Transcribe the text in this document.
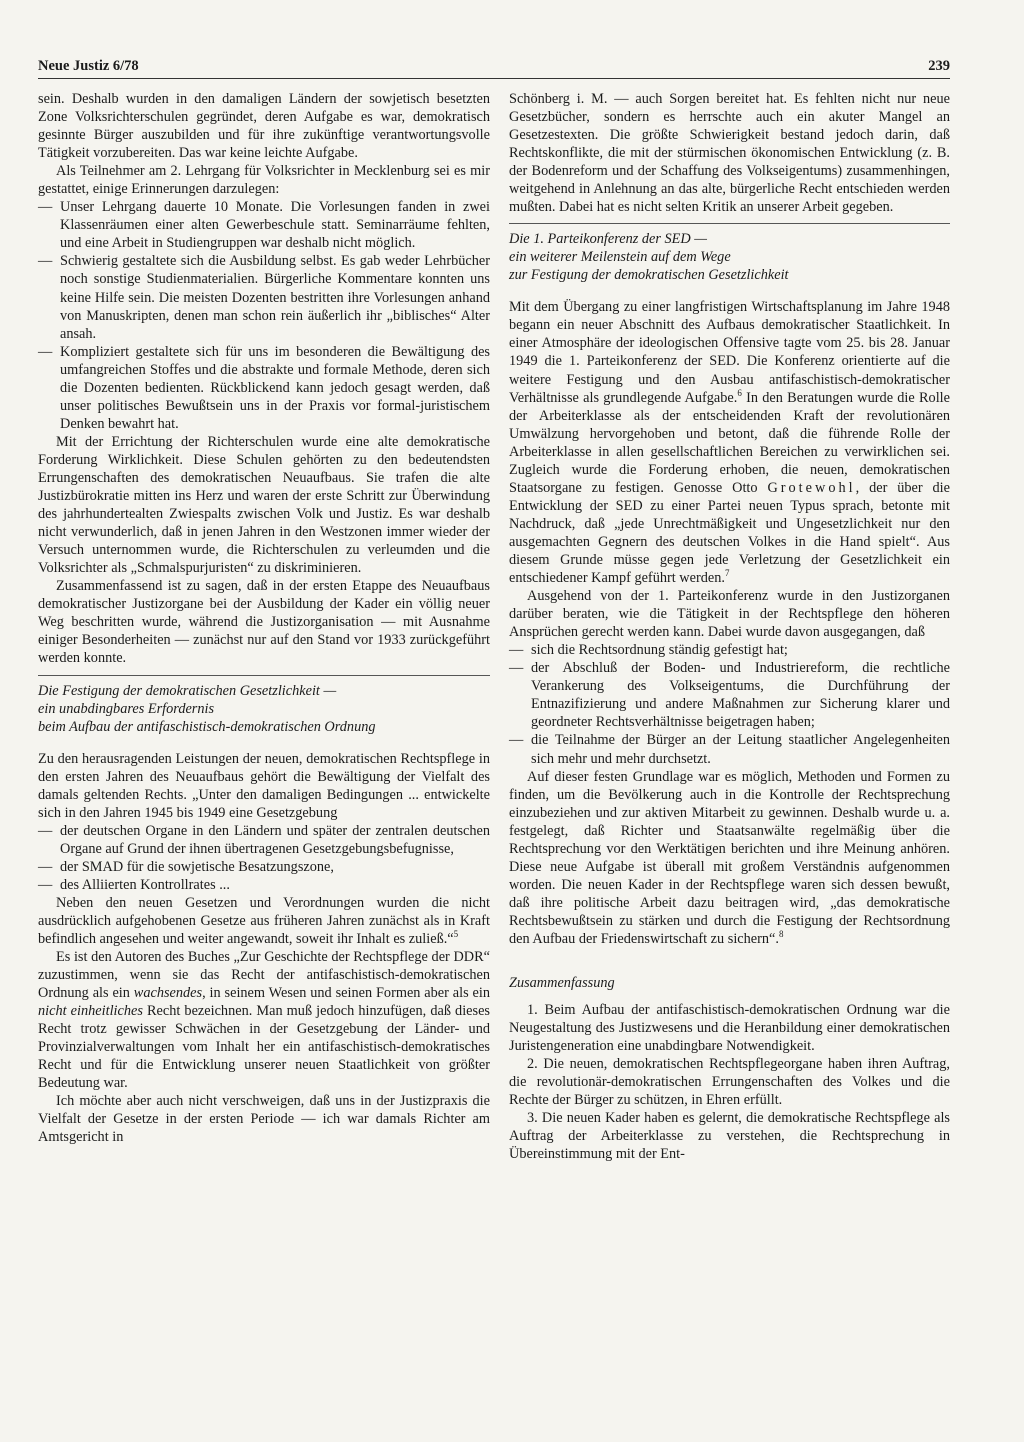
Neue Justiz 6/78	239

sein. Deshalb wurden in den damaligen Ländern der sowjetisch besetzten Zone Volksrichterschulen gegründet, deren Aufgabe es war, demokratisch gesinnte Bürger auszubilden und für ihre zukünftige verantwortungsvolle Tätigkeit vorzubereiten. Das war keine leichte Aufgabe.

Als Teilnehmer am 2. Lehrgang für Volksrichter in Mecklenburg sei es mir gestattet, einige Erinnerungen darzulegen:

— Unser Lehrgang dauerte 10 Monate. Die Vorlesungen fanden in zwei Klassenräumen einer alten Gewerbeschule statt. Seminarräume fehlten, und eine Arbeit in Studiengruppen war deshalb nicht möglich.
— Schwierig gestaltete sich die Ausbildung selbst. Es gab weder Lehrbücher noch sonstige Studienmaterialien. Bürgerliche Kommentare konnten uns keine Hilfe sein. Die meisten Dozenten bestritten ihre Vorlesungen anhand von Manuskripten, denen man schon rein äußerlich ihr „biblisches“ Alter ansah.
— Kompliziert gestaltete sich für uns im besonderen die Bewältigung des umfangreichen Stoffes und die abstrakte und formale Methode, deren sich die Dozenten bedienten. Rückblickend kann jedoch gesagt werden, daß unser politisches Bewußtsein uns in der Praxis vor formal-juristischem Denken bewahrt hat.

Mit der Errichtung der Richterschulen wurde eine alte demokratische Forderung Wirklichkeit. Diese Schulen gehörten zu den bedeutendsten Errungenschaften des demokratischen Neuaufbaus. Sie trafen die alte Justizbürokratie mitten ins Herz und waren der erste Schritt zur Überwindung des jahrhundertealten Zwiespalts zwischen Volk und Justiz. Es war deshalb nicht verwunderlich, daß in jenen Jahren in den Westzonen immer wieder der Versuch unternommen wurde, die Richterschulen zu verleumden und die Volksrichter als „Schmalspurjuristen“ zu diskriminieren.

Zusammenfassend ist zu sagen, daß in der ersten Etappe des Neuaufbaus demokratischer Justizorgane bei der Ausbildung der Kader ein völlig neuer Weg beschritten wurde, während die Justizorganisation — mit Ausnahme einiger Besonderheiten — zunächst nur auf den Stand vor 1933 zurückgeführt werden konnte.

Die Festigung der demokratischen Gesetzlichkeit —
ein unabdingbares Erfordernis
beim Aufbau der antifaschistisch-demokratischen Ordnung

Zu den herausragenden Leistungen der neuen, demokratischen Rechtspflege in den ersten Jahren des Neuaufbaus gehört die Bewältigung der Vielfalt des damals geltenden Rechts. „Unter den damaligen Bedingungen ... entwickelte sich in den Jahren 1945 bis 1949 eine Gesetzgebung

— der deutschen Organe in den Ländern und später der zentralen deutschen Organe auf Grund der ihnen übertragenen Gesetzgebungsbefugnisse,
— der SMAD für die sowjetische Besatzungszone,
— des Alliierten Kontrollrates ...

Neben den neuen Gesetzen und Verordnungen wurden die nicht ausdrücklich aufgehobenen Gesetze aus früheren Jahren zunächst als in Kraft befindlich angesehen und weiter angewandt, soweit ihr Inhalt es zuließ.“$^5$

Es ist den Autoren des Buches „Zur Geschichte der Rechtspflege der DDR“ zuzustimmen, wenn sie das Recht der antifaschistisch-demokratischen Ordnung als ein wachsendes, in seinem Wesen und seinen Formen aber als ein nicht einheitliches Recht bezeichnen. Man muß jedoch hinzufügen, daß dieses Recht trotz gewisser Schwächen in der Gesetzgebung der Länder- und Provinzialverwaltungen vom Inhalt her ein antifaschistisch-demokratisches Recht und für die Entwicklung unserer neuen Staatlichkeit von größter Bedeutung war.

Ich möchte aber auch nicht verschweigen, daß uns in der Justizpraxis die Vielfalt der Gesetze in der ersten Periode — ich war damals Richter am Amtsgericht in

Schönberg i. M. — auch Sorgen bereitet hat. Es fehlten nicht nur neue Gesetzbücher, sondern es herrschte auch ein akuter Mangel an Gesetzestexten. Die größte Schwierigkeit bestand jedoch darin, daß Rechtskonflikte, die mit der stürmischen ökonomischen Entwicklung (z. B. der Bodenreform und der Schaffung des Volkseigentums) zusammenhingen, weitgehend in Anlehnung an das alte, bürgerliche Recht entschieden werden mußten. Dabei hat es nicht selten Kritik an unserer Arbeit gegeben.

Die 1. Parteikonferenz der SED —
ein weiterer Meilenstein auf dem Wege
zur Festigung der demokratischen Gesetzlichkeit

Mit dem Übergang zu einer langfristigen Wirtschaftsplanung im Jahre 1948 begann ein neuer Abschnitt des Aufbaus demokratischer Staatlichkeit. In einer Atmosphäre der ideologischen Offensive tagte vom 25. bis 28. Januar 1949 die 1. Parteikonferenz der SED. Die Konferenz orientierte auf die weitere Festigung und den Ausbau antifaschistisch-demokratischer Verhältnisse als grundlegende Aufgabe.$^6$ In den Beratungen wurde die Rolle der Arbeiterklasse als der entscheidenden Kraft der revolutionären Umwälzung hervorgehoben und betont, daß die führende Rolle der Arbeiterklasse in allen gesellschaftlichen Bereichen zu verwirklichen sei. Zugleich wurde die Forderung erhoben, die neuen, demokratischen Staatsorgane zu festigen. Genosse Otto Grotewohl, der über die Entwicklung der SED zu einer Partei neuen Typus sprach, betonte mit Nachdruck, daß „jede Unrechtmäßigkeit und Ungesetzlichkeit nur den ausgemachten Gegnern des deutschen Volkes in die Hand spielt“. Aus diesem Grunde müsse gegen jede Verletzung der Gesetzlichkeit ein entschiedener Kampf geführt werden.$^7$

Ausgehend von der 1. Parteikonferenz wurde in den Justizorganen darüber beraten, wie die Tätigkeit in der Rechtspflege den höheren Ansprüchen gerecht werden kann. Dabei wurde davon ausgegangen, daß

— sich die Rechtsordnung ständig gefestigt hat;
— der Abschluß der Boden- und Industriereform, die rechtliche Verankerung des Volkseigentums, die Durchführung der Entnazifizierung und andere Maßnahmen zur Sicherung klarer und geordneter Rechtsverhältnisse beigetragen haben;
— die Teilnahme der Bürger an der Leitung staatlicher Angelegenheiten sich mehr und mehr durchsetzt.

Auf dieser festen Grundlage war es möglich, Methoden und Formen zu finden, um die Bevölkerung auch in die Kontrolle der Rechtsprechung einzubeziehen und zur aktiven Mitarbeit zu gewinnen. Deshalb wurde u. a. festgelegt, daß Richter und Staatsanwälte regelmäßig über die Rechtsprechung vor den Werktätigen berichten und ihre Meinung anhören. Diese neue Aufgabe ist überall mit großem Verständnis aufgenommen worden. Die neuen Kader in der Rechtspflege waren sich dessen bewußt, daß ihre politische Arbeit dazu beitragen wird, „das demokratische Rechtsbewußtsein zu stärken und durch die Festigung der Rechtsordnung den Aufbau der Friedenswirtschaft zu sichern“.$^8$

Zusammenfassung

1. Beim Aufbau der antifaschistisch-demokratischen Ordnung war die Neugestaltung des Justizwesens und die Heranbildung einer demokratischen Juristengeneration eine unabdingbare Notwendigkeit.

2. Die neuen, demokratischen Rechtspflegeorgane haben ihren Auftrag, die revolutionär-demokratischen Errungenschaften des Volkes und die Rechte der Bürger zu schützen, in Ehren erfüllt.

3. Die neuen Kader haben es gelernt, die demokratische Rechtspflege als Auftrag der Arbeiterklasse zu verstehen, die Rechtsprechung in Übereinstimmung mit der Ent-
